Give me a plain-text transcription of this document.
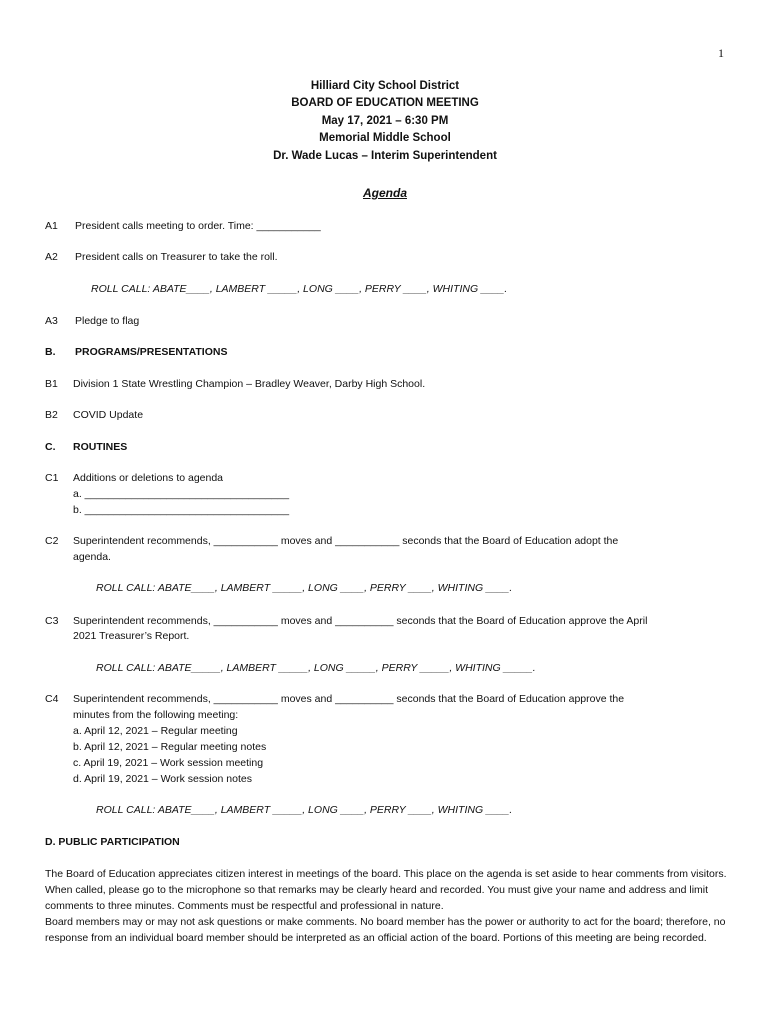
1
Hilliard City School District
BOARD OF EDUCATION MEETING
May 17, 2021 – 6:30 PM
Memorial Middle School
Dr. Wade Lucas – Interim Superintendent
Agenda
A1 President calls meeting to order. Time: ___________
A2 President calls on Treasurer to take the roll.
ROLL CALL: ABATE____, LAMBERT _____, LONG ____, PERRY ____, WHITING ____.
A3 Pledge to flag
B. PROGRAMS/PRESENTATIONS
B1 Division 1 State Wrestling Champion – Bradley Weaver, Darby High School.
B2 COVID Update
C. ROUTINES
C1 Additions or deletions to agenda
a. ___________________________________
b. ___________________________________
C2 Superintendent recommends, ___________ moves and ___________ seconds that the Board of Education adopt the
agenda.
ROLL CALL: ABATE____, LAMBERT _____, LONG ____, PERRY ____, WHITING ____.
C3 Superintendent recommends, ___________ moves and __________ seconds that the Board of Education approve the April
2021 Treasurer’s Report.
ROLL CALL: ABATE_____, LAMBERT _____, LONG _____, PERRY _____, WHITING _____.
C4 Superintendent recommends, ___________ moves and __________ seconds that the Board of Education approve the
minutes from the following meeting:
a. April 12, 2021 – Regular meeting
b. April 12, 2021 – Regular meeting notes
c. April 19, 2021 – Work session meeting
d. April 19, 2021 – Work session notes
ROLL CALL: ABATE____, LAMBERT _____, LONG ____, PERRY ____, WHITING ____.
D. PUBLIC PARTICIPATION
The Board of Education appreciates citizen interest in meetings of the board. This place on the agenda is set aside to hear comments from visitors. When called, please go to the microphone so that remarks may be clearly heard and recorded. You must give your name and address and limit comments to three minutes. Comments must be respectful and professional in nature.
Board members may or may not ask questions or make comments. No board member has the power or authority to act for the board; therefore, no response from an individual board member should be interpreted as an official action of the board. Portions of this meeting are being recorded.
